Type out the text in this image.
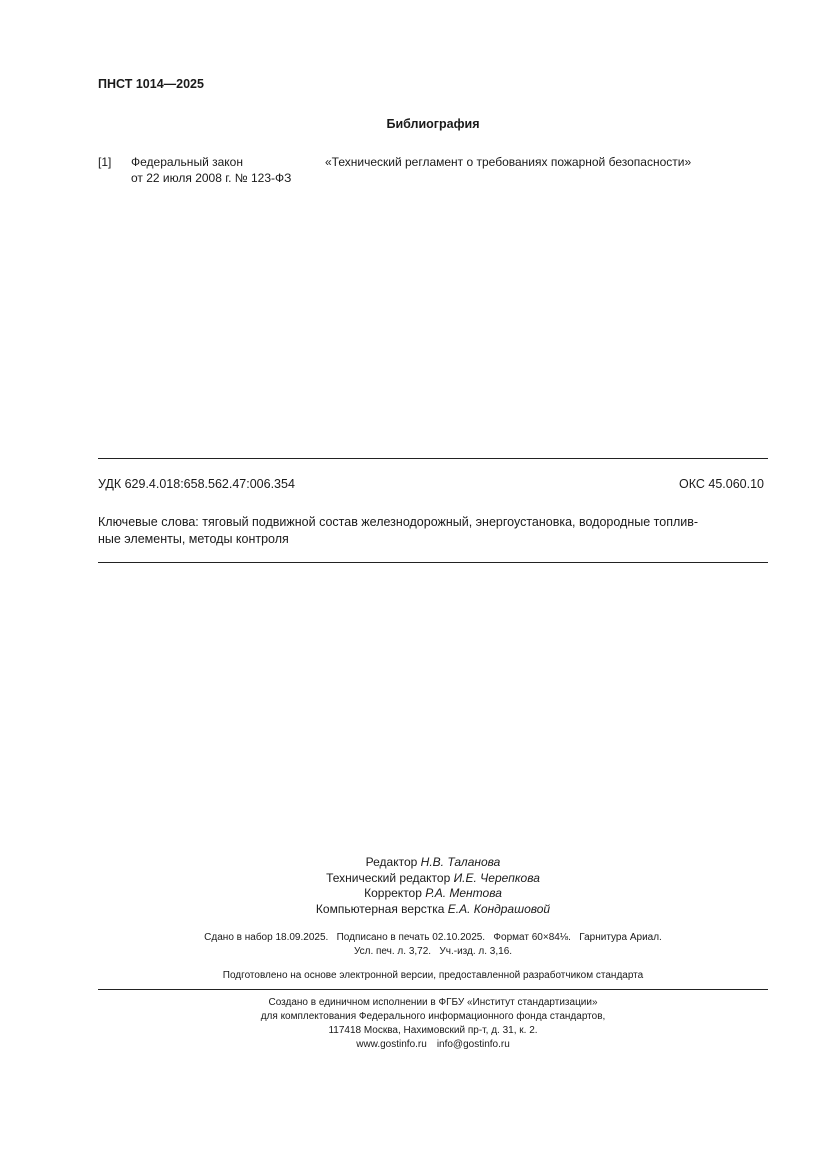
ПНСТ 1014—2025
Библиография
[1] Федеральный закон
от 22 июля 2008 г. № 123-ФЗ
«Технический регламент о требованиях пожарной безопасности»
УДК 629.4.018:658.562.47:006.354	ОКС 45.060.10
Ключевые слова: тяговый подвижной состав железнодорожный, энергоустановка, водородные топлив-
ные элементы, методы контроля
Редактор Н.В. Таланова
Технический редактор И.Е. Черепкова
Корректор Р.А. Ментова
Компьютерная верстка Е.А. Кондрашовой
Сдано в набор 18.09.2025.   Подписано в печать 02.10.2025.   Формат 60×84⅛.   Гарнитура Ариал.
Усл. печ. л. 3,72.   Уч.-изд. л. 3,16.
Подготовлено на основе электронной версии, предоставленной разработчиком стандарта
Создано в единичном исполнении в ФГБУ «Институт стандартизации»
для комплектования Федерального информационного фонда стандартов,
117418 Москва, Нахимовский пр-т, д. 31, к. 2.
www.gostinfo.ru info@gostinfo.ru
